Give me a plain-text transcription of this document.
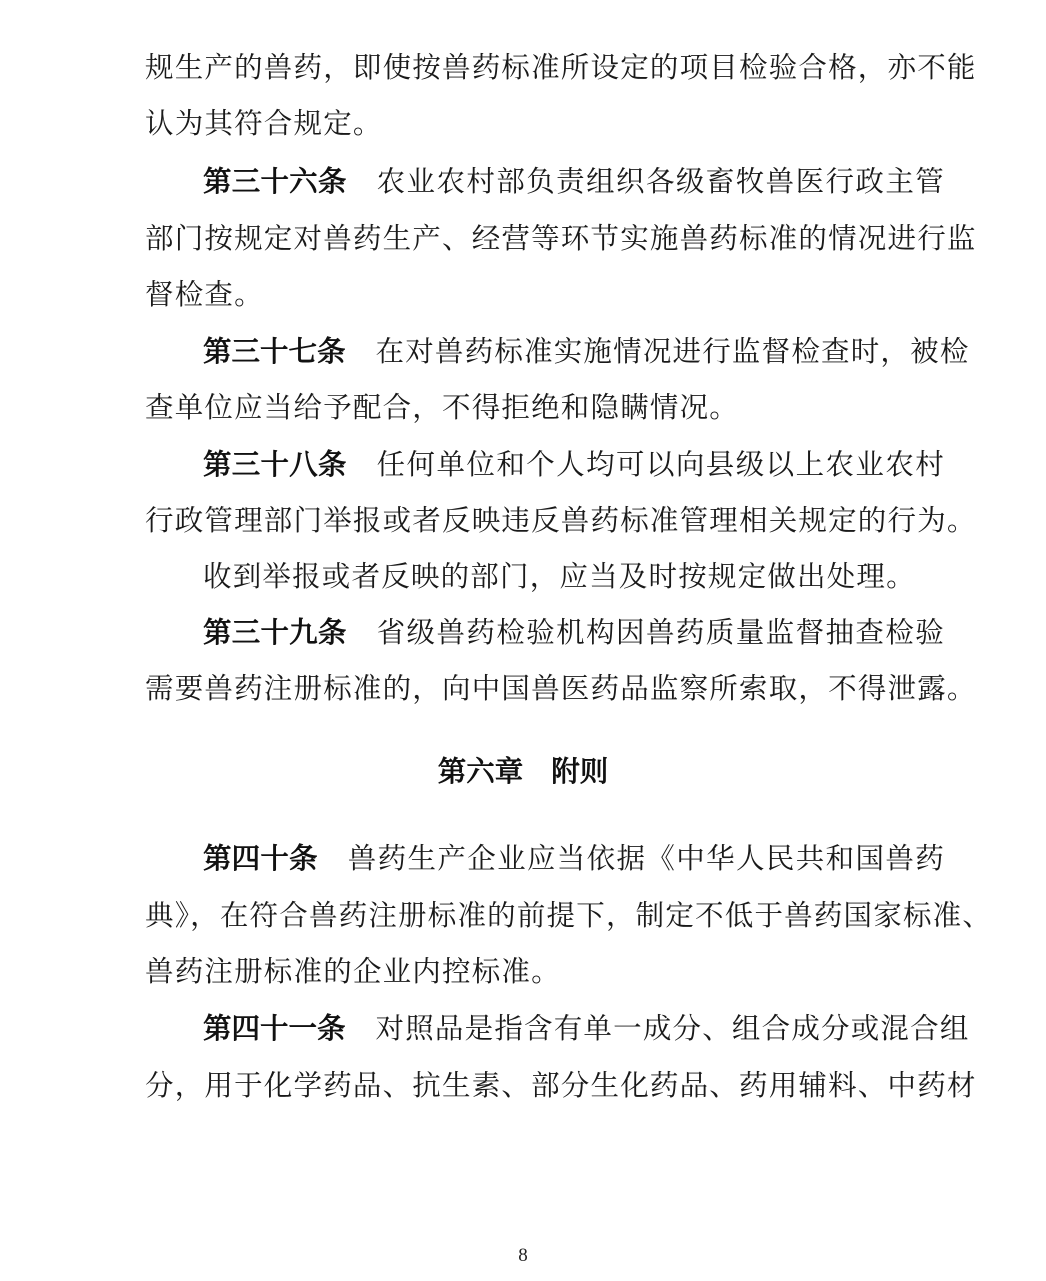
规生产的兽药，即使按兽药标准所设定的项目检验合格，亦不能
认为其符合规定。
第三十六条 农业农村部负责组织各级畜牧兽医行政主管
部门按规定对兽药生产、经营等环节实施兽药标准的情况进行监
督检查。
第三十七条 在对兽药标准实施情况进行监督检查时，被检
查单位应当给予配合，不得拒绝和隐瞒情况。
第三十八条 任何单位和个人均可以向县级以上农业农村
行政管理部门举报或者反映违反兽药标准管理相关规定的行为。
收到举报或者反映的部门，应当及时按规定做出处理。
第三十九条 省级兽药检验机构因兽药质量监督抽查检验
需要兽药注册标准的，向中国兽医药品监察所索取，不得泄露。
第六章 附则
第四十条 兽药生产企业应当依据《中华人民共和国兽药
典》，在符合兽药注册标准的前提下，制定不低于兽药国家标准、
兽药注册标准的企业内控标准。
第四十一条 对照品是指含有单一成分、组合成分或混合组
分，用于化学药品、抗生素、部分生化药品、药用辅料、中药材
8
